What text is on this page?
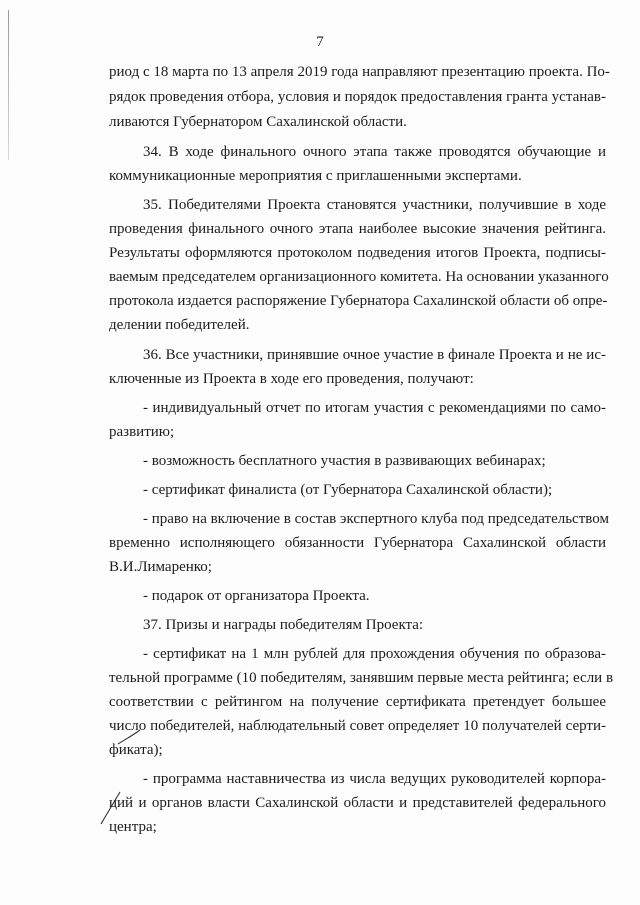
7
риод с 18 марта по 13 апреля 2019 года направляют презентацию проекта. По-
рядок проведения отбора, условия и порядок предоставления гранта устанав-
ливаются Губернатором Сахалинской области.
34. В ходе финального очного этапа также проводятся обучающие и
коммуникационные мероприятия с приглашенными экспертами.
35. Победителями Проекта становятся участники, получившие в ходе
проведения финального очного этапа наиболее высокие значения рейтинга.
Результаты оформляются протоколом подведения итогов Проекта, подписы-
ваемым председателем организационного комитета. На основании указанного
протокола издается распоряжение Губернатора Сахалинской области об опре-
делении победителей.
36. Все участники, принявшие очное участие в финале Проекта и не ис-
ключенные из Проекта в ходе его проведения, получают:
- индивидуальный отчет по итогам участия с рекомендациями по само-
развитию;
- возможность бесплатного участия в развивающих вебинарах;
- сертификат финалиста (от Губернатора Сахалинской области);
- право на включение в состав экспертного клуба под председательством
временно исполняющего обязанности Губернатора Сахалинской области
В.И.Лимаренко;
- подарок от организатора Проекта.
37. Призы и награды победителям Проекта:
- сертификат на 1 млн рублей для прохождения обучения по образова-
тельной программе (10 победителям, занявшим первые места рейтинга; если в
соответствии с рейтингом на получение сертификата претендует большее
число победителей, наблюдательный совет определяет 10 получателей серти-
фиката);
- программа наставничества из числа ведущих руководителей корпора-
ций и органов власти Сахалинской области и представителей федерального
центра;
